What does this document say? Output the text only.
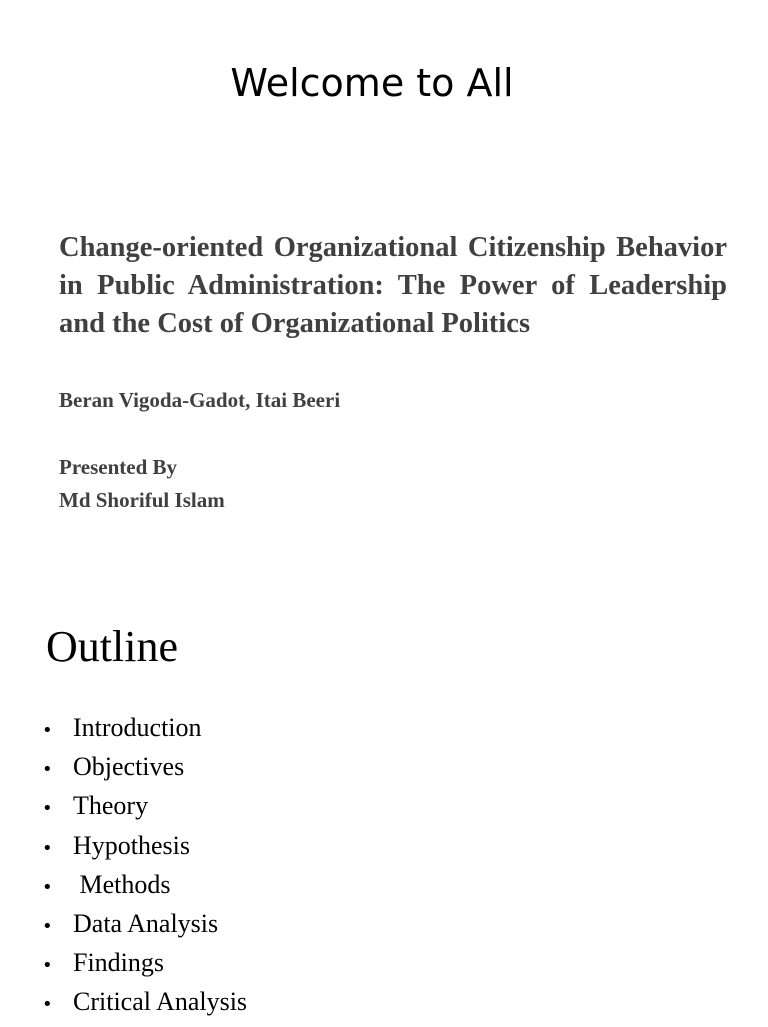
Welcome to All

Change-oriented Organizational Citizenship Behavior in Public Administration: The Power of Leadership and the Cost of Organizational Politics

Beran Vigoda-Gadot, Itai Beeri

Presented By

Md Shoriful Islam

Outline
• Introduction
• Objectives
• Theory
• Hypothesis
• Methods
• Data Analysis
• Findings
• Critical Analysis
